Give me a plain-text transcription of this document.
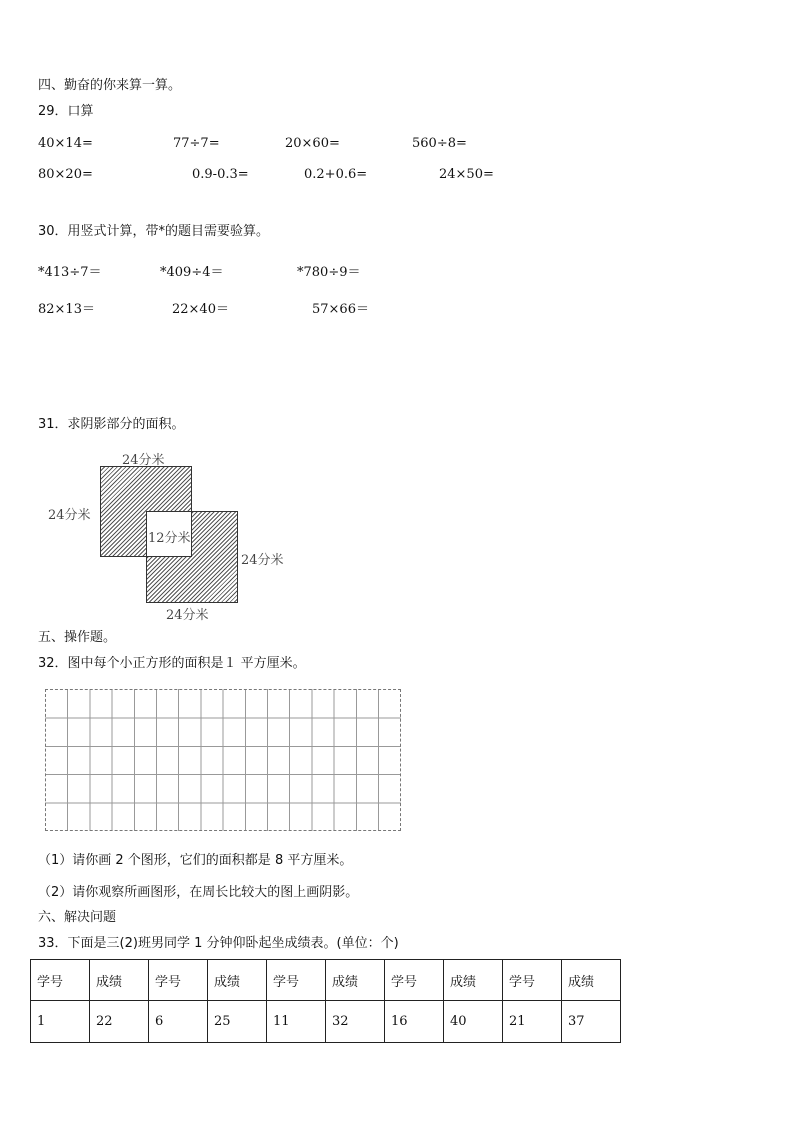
四、勤奋的你来算一算。
29．口算
40×14=	77÷7=	20×60=	560÷8=
80×20=	0.9-0.3=	0.2+0.6=	24×50=
30．用竖式计算，带*的题目需要验算。
*413÷7＝	*409÷4＝	*780÷9＝
82×13＝	22×40＝	57×66＝
31．求阴影部分的面积。
24分米
24分米
12分米
24分米
24分米
五、操作题。
32．图中每个小正方形的面积是１ 平方厘米。
（1）请你画 2 个图形，它们的面积都是 8 平方厘米。
（2）请你观察所画图形，在周长比较大的图上画阴影。
六、解决问题
33．下面是三(2)班男同学 1 分钟仰卧起坐成绩表。(单位：个)
学号	成绩	学号	成绩	学号	成绩	学号	成绩	学号	成绩
1	22	6	25	11	32	16	40	21	37
